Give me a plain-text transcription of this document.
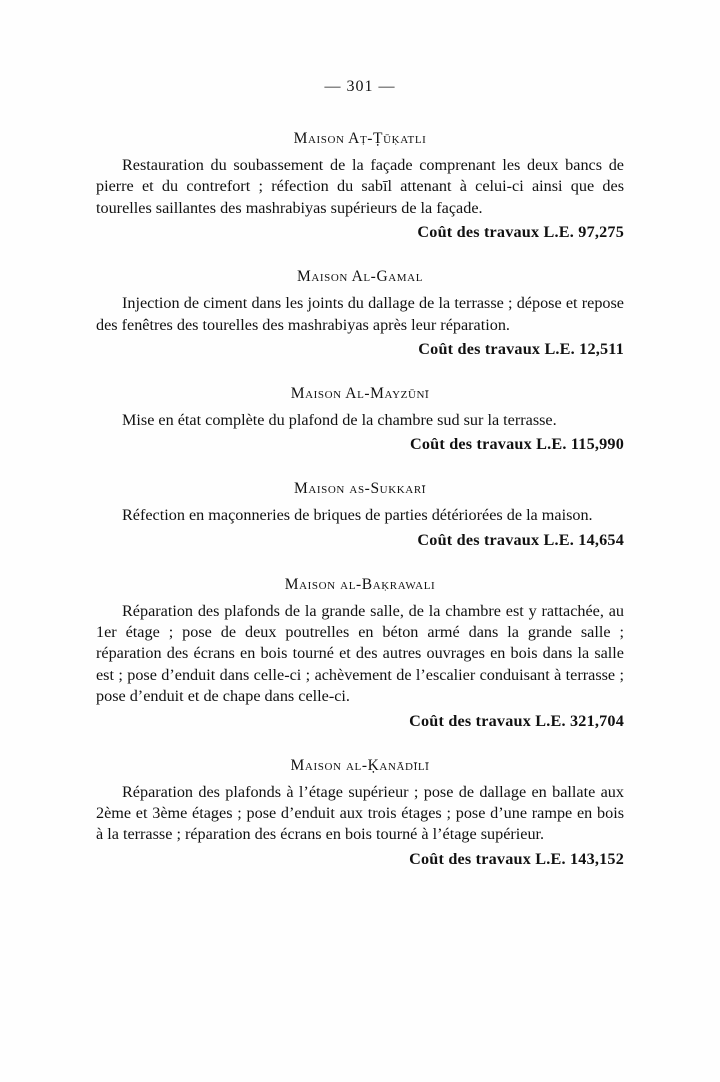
— 301 —
Maison Aṭ-Ṭūḳatli

Restauration du soubassement de la façade comprenant les deux bancs de pierre et du contrefort ; réfection du sabīl attenant à celui-ci ainsi que des tourelles saillantes des mashrabiyas supérieurs de la façade.

Coût des travaux L.E. 97,275
Maison Al-Gamal

Injection de ciment dans les joints du dallage de la terrasse ; dépose et repose des fenêtres des tourelles des mashrabiyas après leur réparation.

Coût des travaux L.E. 12,511
Maison Al-Mayzūnī

Mise en état complète du plafond de la chambre sud sur la terrasse.

Coût des travaux L.E. 115,990
Maison as-Sukkarī

Réfection en maçonneries de briques de parties détériorées de la maison.

Coût des travaux L.E. 14,654
Maison al-Baḳrawali

Réparation des plafonds de la grande salle, de la chambre est y rattachée, au 1er étage ; pose de deux poutrelles en béton armé dans la grande salle ; réparation des écrans en bois tourné et des autres ouvrages en bois dans la salle est ; pose d’enduit dans celle-ci ; achèvement de l’escalier conduisant à terrasse ; pose d’enduit et de chape dans celle-ci.

Coût des travaux L.E. 321,704
Maison al-Ḳanādīlī

Réparation des plafonds à l’étage supérieur ; pose de dallage en ballate aux 2ème et 3ème étages ; pose d’enduit aux trois étages ; pose d’une rampe en bois à la terrasse ; réparation des écrans en bois tourné à l’étage supérieur.

Coût des travaux L.E. 143,152
